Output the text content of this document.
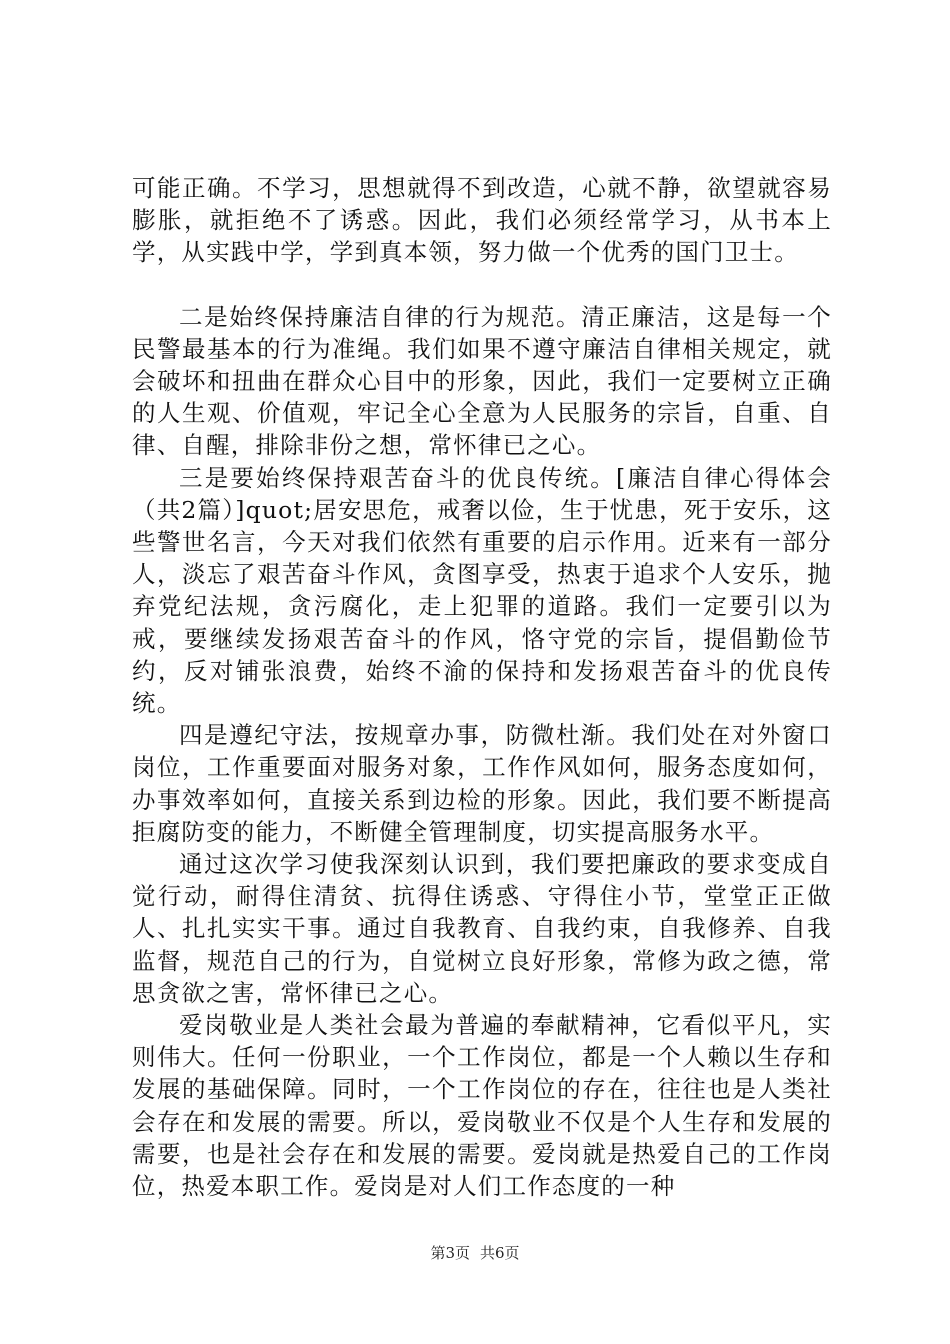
可能正确。不学习，思想就得不到改造，心就不静，欲望就容易膨胀，就拒绝不了诱惑。因此，我们必须经常学习，从书本上学，从实践中学，学到真本领，努力做一个优秀的国门卫士。

二是始终保持廉洁自律的行为规范。清正廉洁，这是每一个民警最基本的行为准绳。我们如果不遵守廉洁自律相关规定，就会破坏和扭曲在群众心目中的形象，因此，我们一定要树立正确的人生观、价值观，牢记全心全意为人民服务的宗旨，自重、自律、自醒，排除非份之想，常怀律已之心。

三是要始终保持艰苦奋斗的优良传统。[廉洁自律心得体会（共2篇）]quot;居安思危，戒奢以俭，生于忧患，死于安乐，这些警世名言，今天对我们依然有重要的启示作用。近来有一部分人，淡忘了艰苦奋斗作风，贪图享受，热衷于追求个人安乐，抛弃党纪法规，贪污腐化，走上犯罪的道路。我们一定要引以为戒，要继续发扬艰苦奋斗的作风，恪守党的宗旨，提倡勤俭节约，反对铺张浪费，始终不渝的保持和发扬艰苦奋斗的优良传统。

四是遵纪守法，按规章办事，防微杜渐。我们处在对外窗口岗位，工作重要面对服务对象，工作作风如何，服务态度如何，办事效率如何，直接关系到边检的形象。因此，我们要不断提高拒腐防变的能力，不断健全管理制度，切实提高服务水平。

通过这次学习使我深刻认识到，我们要把廉政的要求变成自觉行动，耐得住清贫、抗得住诱惑、守得住小节，堂堂正正做人、扎扎实实干事。通过自我教育、自我约束，自我修养、自我监督，规范自己的行为，自觉树立良好形象，常修为政之德，常思贪欲之害，常怀律已之心。

爱岗敬业是人类社会最为普遍的奉献精神，它看似平凡，实则伟大。任何一份职业，一个工作岗位，都是一个人赖以生存和发展的基础保障。同时，一个工作岗位的存在，往往也是人类社会存在和发展的需要。所以，爱岗敬业不仅是个人生存和发展的需要，也是社会存在和发展的需要。爱岗就是热爱自己的工作岗位，热爱本职工作。爱岗是对人们工作态度的一种

第3页 共6页
